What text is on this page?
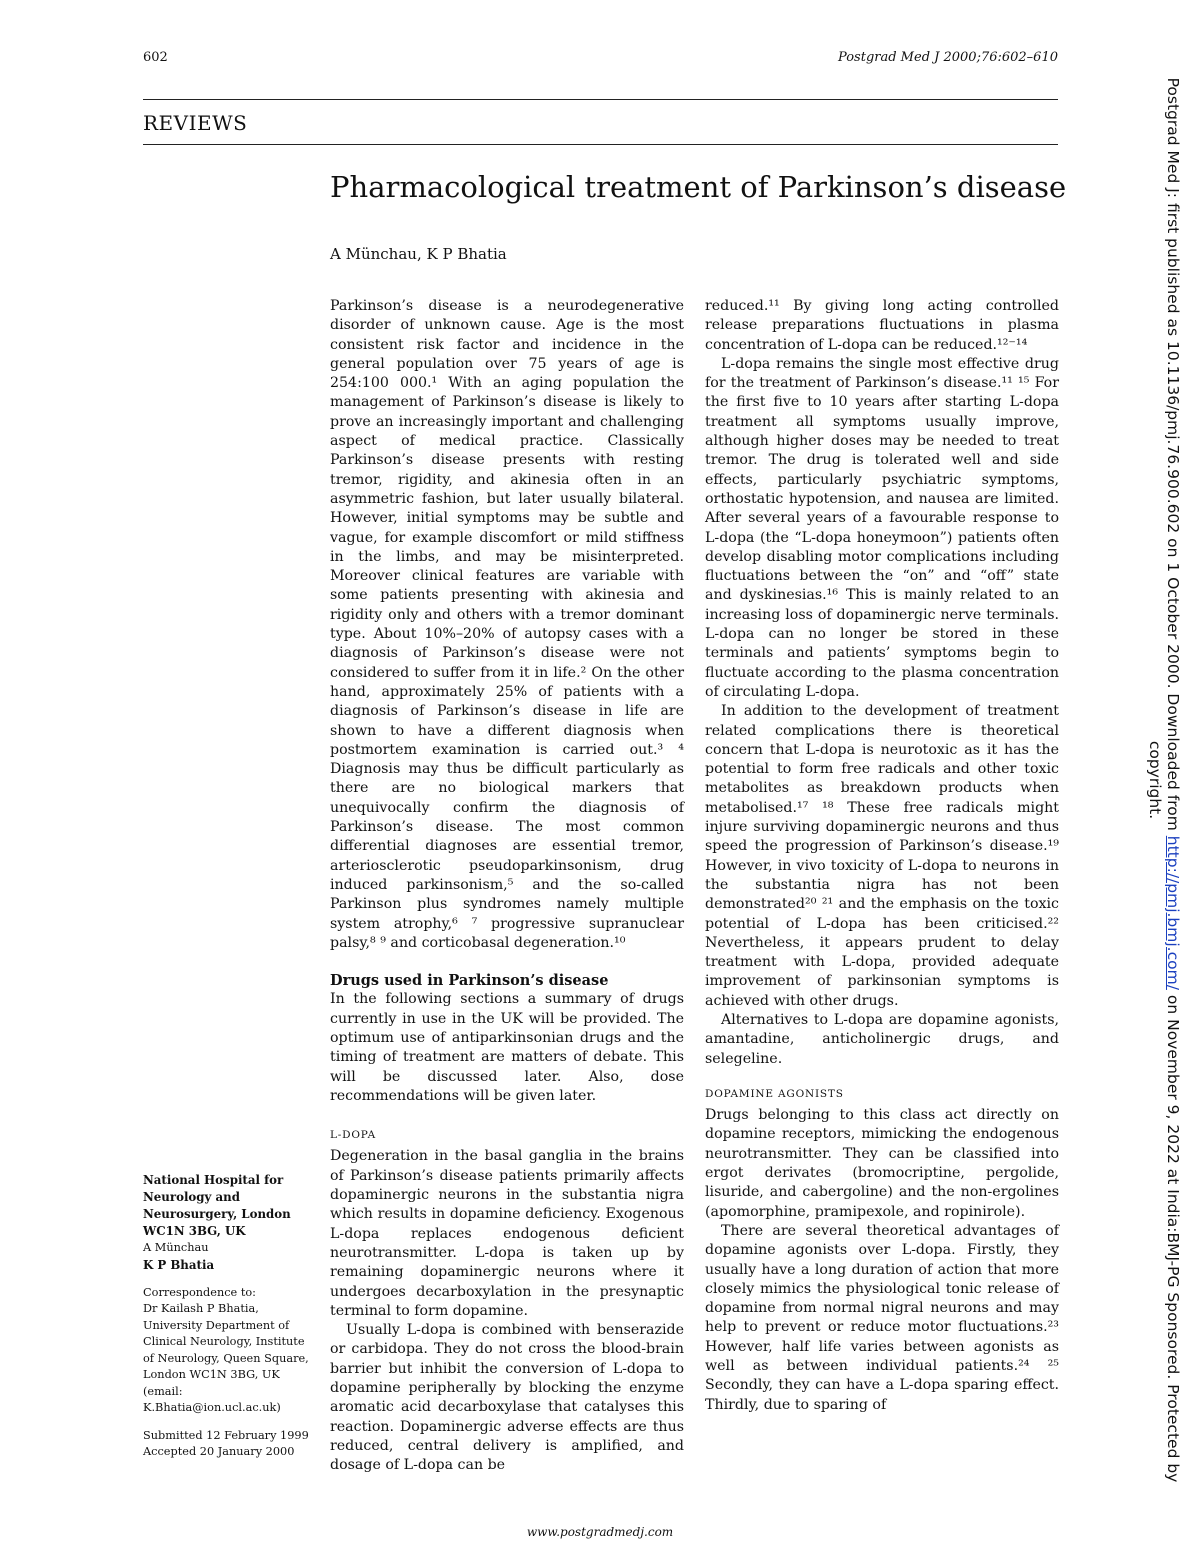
602	Postgrad Med J 2000;76:602–610
REVIEWS
Pharmacological treatment of Parkinson’s disease
A Münchau, K P Bhatia

Parkinson’s disease is a neurodegenerative disorder of unknown cause. Age is the most consistent risk factor and incidence in the general population over 75 years of age is 254:100 000.¹ With an aging population the management of Parkinson’s disease is likely to prove an increasingly important and challenging aspect of medical practice. Classically Parkinson’s disease presents with resting tremor, rigidity, and akinesia often in an asymmetric fashion, but later usually bilateral. However, initial symptoms may be subtle and vague, for example discomfort or mild stiffness in the limbs, and may be misinterpreted. Moreover clinical features are variable with some patients presenting with akinesia and rigidity only and others with a tremor dominant type. About 10%–20% of autopsy cases with a diagnosis of Parkinson’s disease were not considered to suffer from it in life.² On the other hand, approximately 25% of patients with a diagnosis of Parkinson’s disease in life are shown to have a different diagnosis when postmortem examination is carried out.³ ⁴ Diagnosis may thus be difficult particularly as there are no biological markers that unequivocally confirm the diagnosis of Parkinson’s disease. The most common differential diagnoses are essential tremor, arteriosclerotic pseudoparkinsonism, drug induced parkinsonism,⁵ and the so-called Parkinson plus syndromes namely multiple system atrophy,⁶ ⁷ progressive supranuclear palsy,⁸ ⁹ and corticobasal degeneration.¹⁰

Drugs used in Parkinson’s disease

In the following sections a summary of drugs currently in use in the UK will be provided. The optimum use of antiparkinsonian drugs and the timing of treatment are matters of debate. This will be discussed later. Also, dose recommendations will be given later.

L-DOPA

Degeneration in the basal ganglia in the brains of Parkinson’s disease patients primarily affects dopaminergic neurons in the substantia nigra which results in dopamine deficiency. Exogenous L-dopa replaces endogenous deficient neurotransmitter. L-dopa is taken up by remaining dopaminergic neurons where it undergoes decarboxylation in the presynaptic terminal to form dopamine.

Usually L-dopa is combined with benserazide or carbidopa. They do not cross the blood-brain barrier but inhibit the conversion of L-dopa to dopamine peripherally by blocking the enzyme aromatic acid decarboxylase that catalyses this reaction. Dopaminergic adverse effects are thus reduced, central delivery is amplified, and dosage of L-dopa can be

reduced.¹¹ By giving long acting controlled release preparations fluctuations in plasma concentration of L-dopa can be reduced.¹²⁻¹⁴

L-dopa remains the single most effective drug for the treatment of Parkinson’s disease.¹¹ ¹⁵ For the first five to 10 years after starting L-dopa treatment all symptoms usually improve, although higher doses may be needed to treat tremor. The drug is tolerated well and side effects, particularly psychiatric symptoms, orthostatic hypotension, and nausea are limited. After several years of a favourable response to L-dopa (the “L-dopa honeymoon”) patients often develop disabling motor complications including fluctuations between the “on” and “off” state and dyskinesias.¹⁶ This is mainly related to an increasing loss of dopaminergic nerve terminals. L-dopa can no longer be stored in these terminals and patients’ symptoms begin to fluctuate according to the plasma concentration of circulating L-dopa.

In addition to the development of treatment related complications there is theoretical concern that L-dopa is neurotoxic as it has the potential to form free radicals and other toxic metabolites as breakdown products when metabolised.¹⁷ ¹⁸ These free radicals might injure surviving dopaminergic neurons and thus speed the progression of Parkinson’s disease.¹⁹ However, in vivo toxicity of L-dopa to neurons in the substantia nigra has not been demonstrated²⁰ ²¹ and the emphasis on the toxic potential of L-dopa has been criticised.²² Nevertheless, it appears prudent to delay treatment with L-dopa, provided adequate improvement of parkinsonian symptoms is achieved with other drugs.

Alternatives to L-dopa are dopamine agonists, amantadine, anticholinergic drugs, and selegeline.

DOPAMINE AGONISTS

Drugs belonging to this class act directly on dopamine receptors, mimicking the endogenous neurotransmitter. They can be classified into ergot derivates (bromocriptine, pergolide, lisuride, and cabergoline) and the non-ergolines (apomorphine, pramipexole, and ropinirole).

There are several theoretical advantages of dopamine agonists over L-dopa. Firstly, they usually have a long duration of action that more closely mimics the physiological tonic release of dopamine from normal nigral neurons and may help to prevent or reduce motor fluctuations.²³ However, half life varies between agonists as well as between individual patients.²⁴ ²⁵ Secondly, they can have a L-dopa sparing effect. Thirdly, due to sparing of

National Hospital for Neurology and Neurosurgery, London WC1N 3BG, UK
A Münchau
K P Bhatia
Correspondence to:
Dr Kailash P Bhatia, University Department of Clinical Neurology, Institute of Neurology, Queen Square, London WC1N 3BG, UK (email: K.Bhatia@ion.ucl.ac.uk)
Submitted 12 February 1999
Accepted 20 January 2000
www.postgradmedj.com
Postgrad Med J: first published as 10.1136/pmj.76.900.602 on 1 October 2000. Downloaded from http://pmj.bmj.com/ on November 9, 2022 at India:BMJ-PG Sponsored. Protected by copyright.
